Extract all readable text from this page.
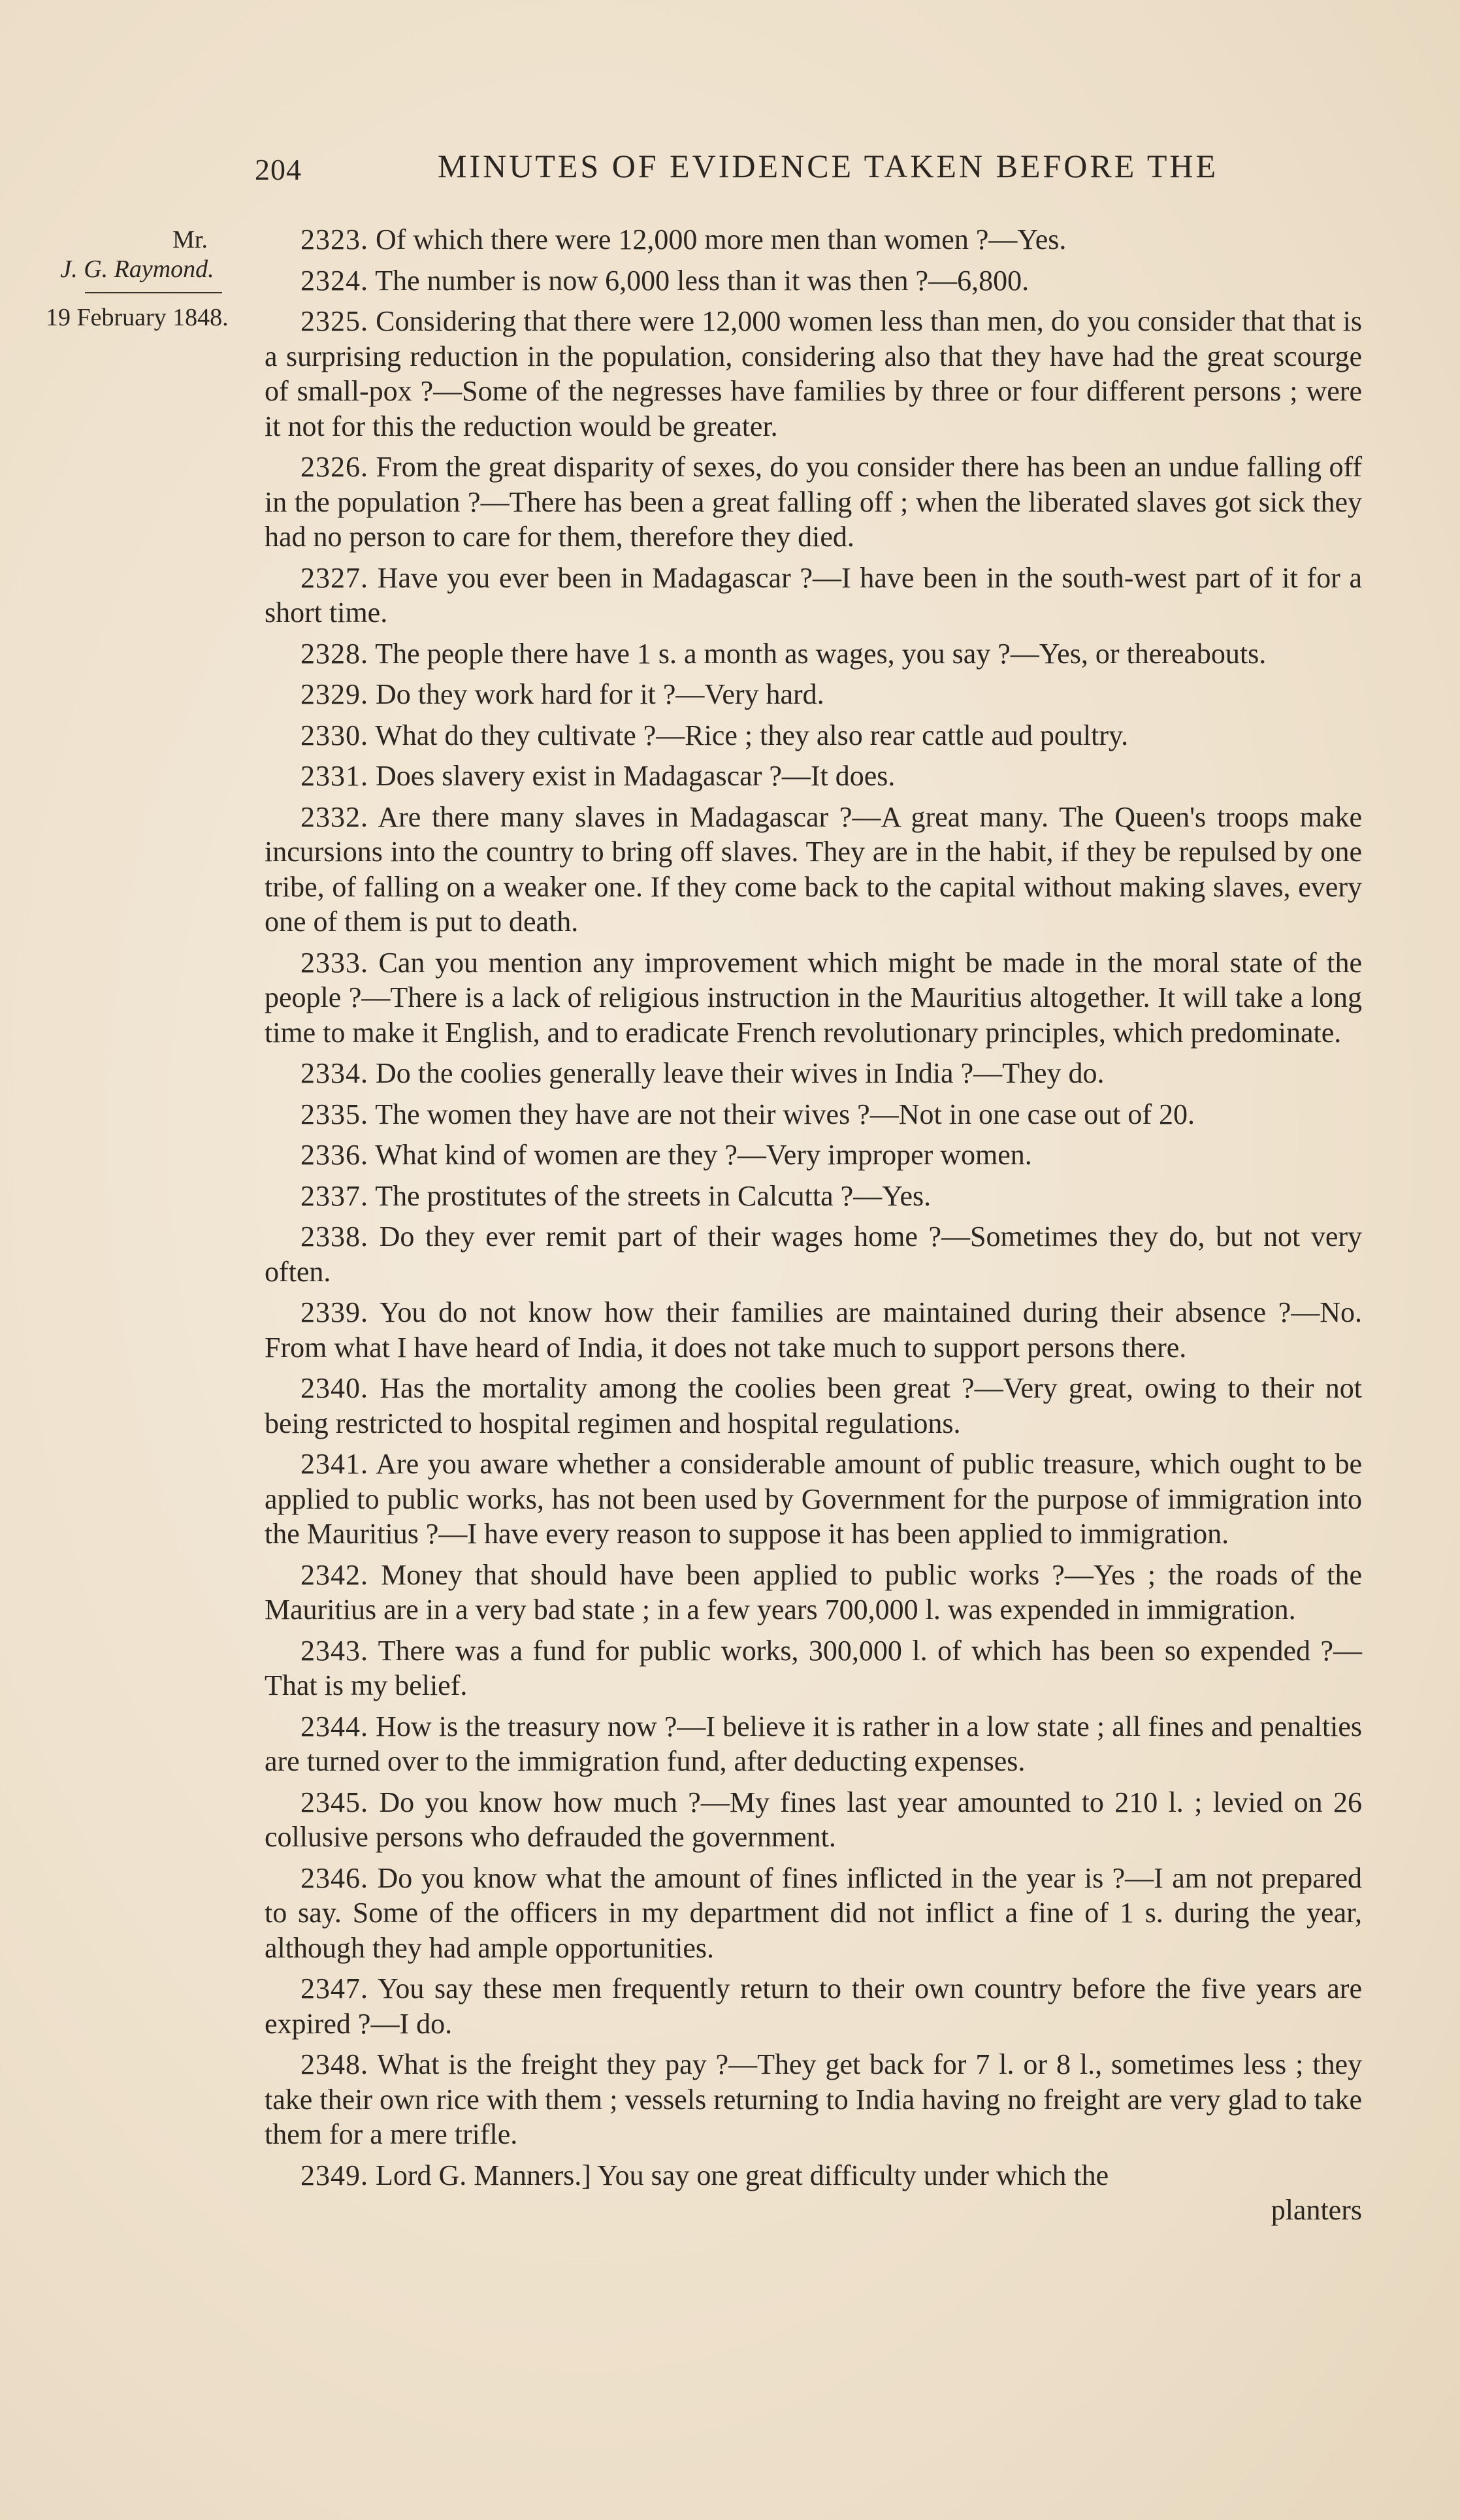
204	MINUTES OF EVIDENCE TAKEN BEFORE THE
Mr.
J. G. Raymond.
19 February 1848.

2323. Of which there were 12,000 more men than women ?—Yes.

2324. The number is now 6,000 less than it was then ?—6,800.

2325. Considering that there were 12,000 women less than men, do you consider that that is a surprising reduction in the population, considering also that they have had the great scourge of small-pox ?—Some of the negresses have families by three or four different persons ; were it not for this the reduction would be greater.

2326. From the great disparity of sexes, do you consider there has been an undue falling off in the population ?—There has been a great falling off ; when the liberated slaves got sick they had no person to care for them, therefore they died.

2327. Have you ever been in Madagascar ?—I have been in the south-west part of it for a short time.

2328. The people there have 1 s. a month as wages, you say ?—Yes, or thereabouts.

2329. Do they work hard for it ?—Very hard.

2330. What do they cultivate ?—Rice ; they also rear cattle aud poultry.

2331. Does slavery exist in Madagascar ?—It does.

2332. Are there many slaves in Madagascar ?—A great many. The Queen's troops make incursions into the country to bring off slaves. They are in the habit, if they be repulsed by one tribe, of falling on a weaker one. If they come back to the capital without making slaves, every one of them is put to death.

2333. Can you mention any improvement which might be made in the moral state of the people ?—There is a lack of religious instruction in the Mauritius altogether. It will take a long time to make it English, and to eradicate French revolutionary principles, which predominate.

2334. Do the coolies generally leave their wives in India ?—They do.

2335. The women they have are not their wives ?—Not in one case out of 20.

2336. What kind of women are they ?—Very improper women.

2337. The prostitutes of the streets in Calcutta ?—Yes.

2338. Do they ever remit part of their wages home ?—Sometimes they do, but not very often.

2339. You do not know how their families are maintained during their absence ?—No. From what I have heard of India, it does not take much to support persons there.

2340. Has the mortality among the coolies been great ?—Very great, owing to their not being restricted to hospital regimen and hospital regulations.

2341. Are you aware whether a considerable amount of public treasure, which ought to be applied to public works, has not been used by Government for the purpose of immigration into the Mauritius ?—I have every reason to suppose it has been applied to immigration.

2342. Money that should have been applied to public works ?—Yes ; the roads of the Mauritius are in a very bad state ; in a few years 700,000 l. was expended in immigration.

2343. There was a fund for public works, 300,000 l. of which has been so expended ?—That is my belief.

2344. How is the treasury now ?—I believe it is rather in a low state ; all fines and penalties are turned over to the immigration fund, after deducting expenses.

2345. Do you know how much ?—My fines last year amounted to 210 l. ; levied on 26 collusive persons who defrauded the government.

2346. Do you know what the amount of fines inflicted in the year is ?—I am not prepared to say. Some of the officers in my department did not inflict a fine of 1 s. during the year, although they had ample opportunities.

2347. You say these men frequently return to their own country before the five years are expired ?—I do.

2348. What is the freight they pay ?—They get back for 7 l. or 8 l., sometimes less ; they take their own rice with them ; vessels returning to India having no freight are very glad to take them for a mere trifle.

2349. Lord G. Manners.] You say one great difficulty under which the
planters
